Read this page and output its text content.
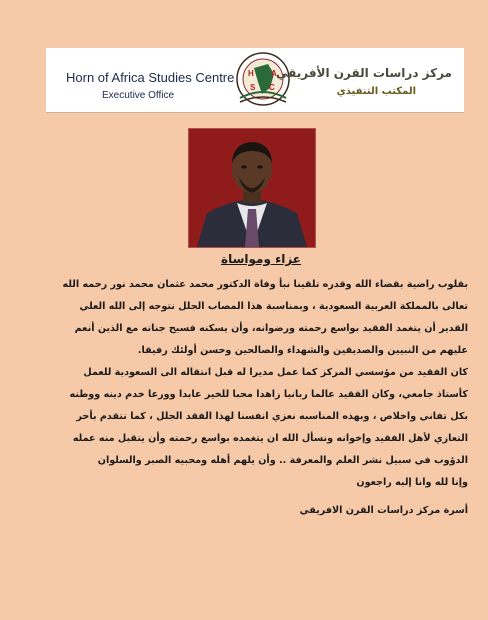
Horn of Africa Studies Centre
Executive Office
H A
S C
مركز دراسات القرن الأفريقي
المكتب التنفيذي
عزاء ومواساة

بقلوب راضية بقضاء الله وقدره تلقينا نبأ وفاة الدكتور محمد عثمان محمد نور رحمه الله تعالى بالمملكة العربية السعودية ، وبمناسبة هذا المصاب الجلل نتوجه إلى الله العلي القدير أن يتغمد الفقيد بواسع رحمته ورضوانه، وأن يسكنه فسيح جناته مع الذين أنعم عليهم من النبيين والصديقين والشهداء والصالحين وحسن أولئك رفيقا.

كان الفقيد من مؤسسي المركز كما عمل مديرا له قبل انتقاله الى السعودية للعمل كأستاذ جامعي، وكان الفقيد عالما ربانيا زاهدا محبا للخير عابدا وورعا خدم دينه ووطنه بكل تفاني واخلاص ، وبهذه المناسبه نعزي انفسنا لهذا الفقد الجلل ، كما نتقدم بأحر التعازي لأهل الفقيد وإخوانه ونسأل الله ان يتغمده بواسع رحمته وأن يتقبل منه عمله الدؤوب في سبيل نشر العلم والمعرفة .. وأن يلهم أهله ومحبيه الصبر والسلوان

وإنا لله وانا إليه راجعون

أسرة مركز دراسات القرن الافريقي
